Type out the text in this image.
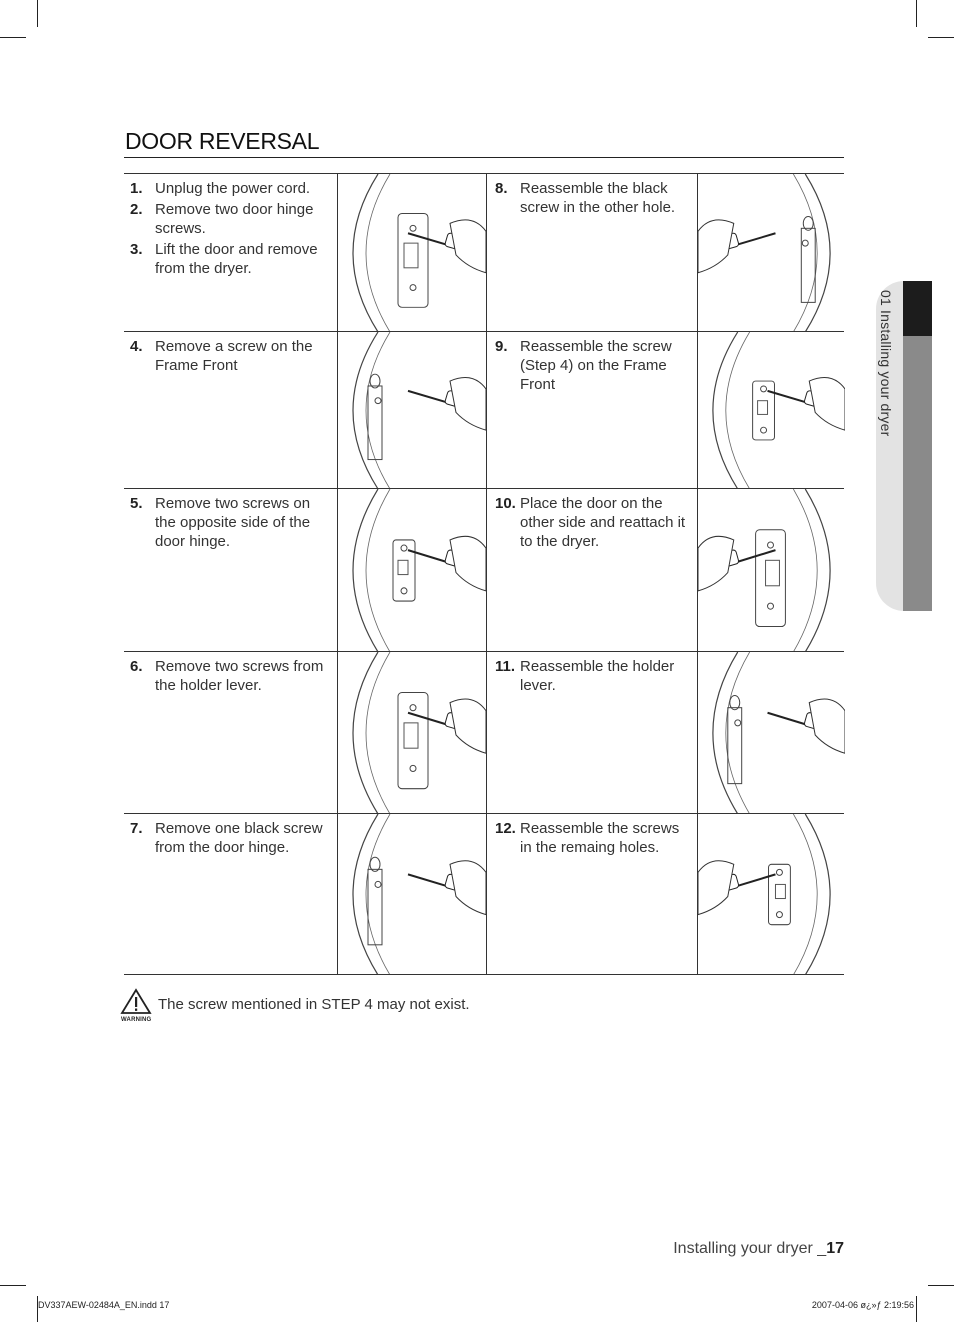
DOOR REVERSAL
1. Unplug the power cord.
2. Remove two door hinge screws.
3. Lift the door and remove from the dryer.
8. Reassemble the black screw in the other hole.
4. Remove a screw on the Frame Front
9. Reassemble the screw (Step 4) on the Frame Front
5. Remove two screws on the opposite side of the door hinge.
10. Place the door on the other side and reattach it to the dryer.
6. Remove two screws from the holder lever.
11. Reassemble the holder lever.
7. Remove one black screw from the door hinge.
12. Reassemble the screws in the remaing holes.
WARNING
The screw mentioned in STEP 4 may not exist.
01 Installing your dryer
Installing your dryer _17
DV337AEW-02484A_EN.indd 17	2007-04-06 ø¿»ƒ 2:19:56
